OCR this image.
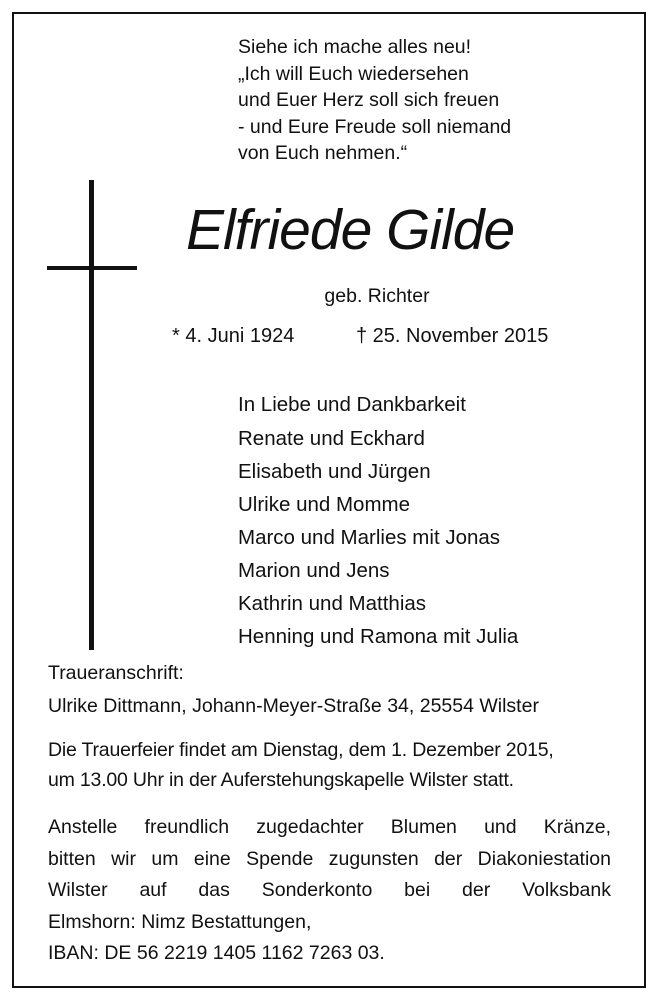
Siehe ich mache alles neu!
„Ich will Euch wiedersehen
und Euer Herz soll sich freuen
- und Eure Freude soll niemand
von Euch nehmen.“
Elfriede Gilde
geb. Richter
* 4. Juni 1924	† 25. November 2015
In Liebe und Dankbarkeit
Renate und Eckhard
Elisabeth und Jürgen
Ulrike und Momme
Marco und Marlies mit Jonas
Marion und Jens
Kathrin und Matthias
Henning und Ramona mit Julia
Traueranschrift:
Ulrike Dittmann, Johann-Meyer-Straße 34, 25554 Wilster
Die Trauerfeier findet am Dienstag, dem 1. Dezember 2015,
um 13.00 Uhr in der Auferstehungskapelle Wilster statt.
Anstelle freundlich zugedachter Blumen und Kränze,
bitten wir um eine Spende zugunsten der Diakoniestation
Wilster auf das Sonderkonto bei der Volksbank
Elmshorn: Nimz Bestattungen,
IBAN: DE 56 2219 1405 1162 7263 03.
